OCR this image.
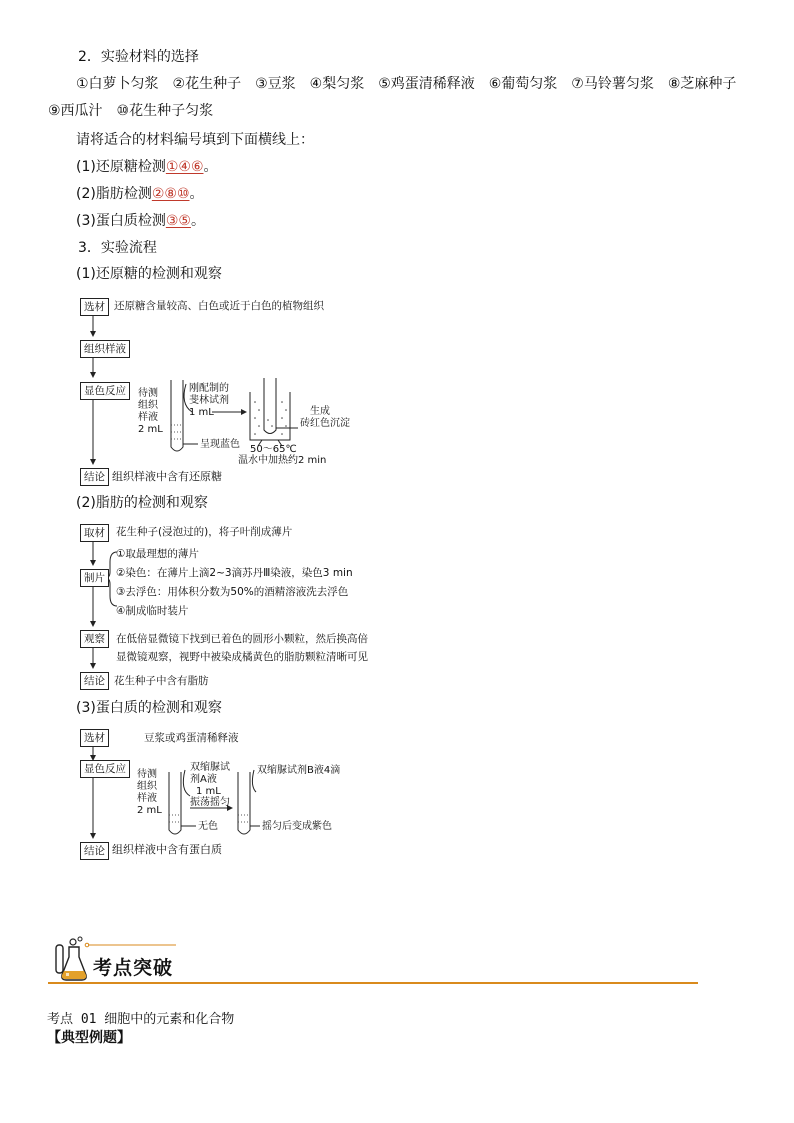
2．实验材料的选择
①白萝卜匀浆　②花生种子　③豆浆　④梨匀浆　⑤鸡蛋清稀释液　⑥葡萄匀浆　⑦马铃薯匀浆　⑧芝麻种子
⑨西瓜汁　⑩花生种子匀浆
请将适合的材料编号填到下面横线上：
(1)还原糖检测①④⑥。
(2)脂肪检测②⑧⑩。
(3)蛋白质检测③⑤。
3．实验流程
(1)还原糖的检测和观察
选材 还原糖含量较高、白色或近于白色的植物组织
组织样液
显色反应	待测
组织
样液
2 mL
刚配制的
斐林试剂
1 mL
呈现蓝色
生成
砖红色沉淀
50～65℃
温水中加热约2 min
结论 组织样液中含有还原糖
(2)脂肪的检测和观察
取材	花生种子(浸泡过的)，将子叶削成薄片
制片
①取最理想的薄片
②染色：在薄片上滴2~3滴苏丹Ⅲ染液，染色3 min
③去浮色：用体积分数为50%的酒精溶液洗去浮色
④制成临时装片
观察	在低倍显微镜下找到已着色的圆形小颗粒，然后换高倍
显微镜观察，视野中被染成橘黄色的脂肪颗粒清晰可见
结论 花生种子中含有脂肪
(3)蛋白质的检测和观察
选材	豆浆或鸡蛋清稀释液
显色反应	待测
组织
样液
2 mL
双缩脲试
剂A液
1 mL
振荡摇匀
无色
双缩脲试剂B液4滴
摇匀后变成紫色
结论 组织样液中含有蛋白质
考点突破
考点 01 细胞中的元素和化合物
【典型例题】
